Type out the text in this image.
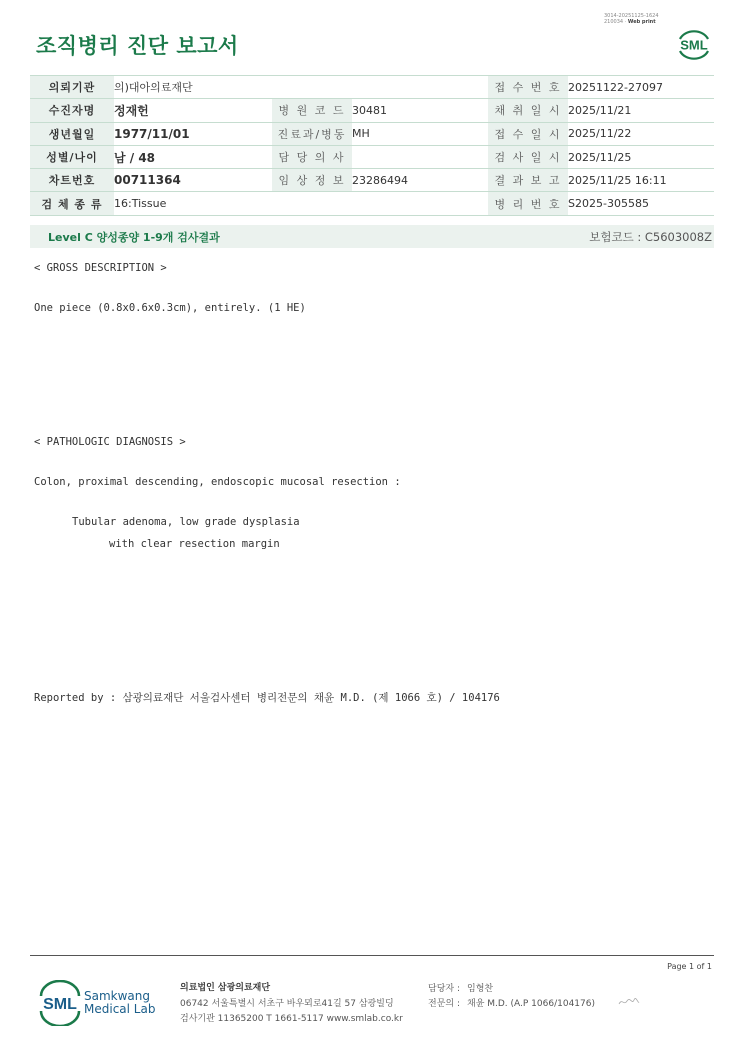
조직병리 진단 보고서
3014-20251125-1624
210034 · Web print
SML
의뢰기관	의)대아의료재단			접 수 번 호	20251122-27097
수진자명	정재헌	병 원 코 드	30481	채 취 일 시	2025/11/21
생년월일	1977/11/01	진료과/병동	MH	접 수 일 시	2025/11/22
성별/나이	남 / 48	담 당 의 사		검 사 일 시	2025/11/25
차트번호	00711364	임 상 정 보	23286494	결 과 보 고	2025/11/25 16:11
검 체 종 류	16:Tissue			병 리 번 호	S2025-305585
Level C 양성종양 1-9개 검사결과	보험코드 : C5603008Z
< GROSS DESCRIPTION >
One piece (0.8x0.6x0.3cm), entirely. (1 HE)
< PATHOLOGIC DIAGNOSIS >
Colon, proximal descending, endoscopic mucosal resection :
Tubular adenoma, low grade dysplasia
with clear resection margin
Reported by : 삼광의료재단 서울검사센터 병리전문의 채윤 M.D. (제 1066 호) / 104176
Page 1 of 1
SML Samkwang
Medical Lab
의료법인 삼광의료재단
06742 서울특별시 서초구 바우뫼로41길 57 삼광빌딩
검사기관 11365200 T 1661-5117 www.smlab.co.kr
담당자 : 임형찬
전문의 : 채윤 M.D. (A.P 1066/104176)
